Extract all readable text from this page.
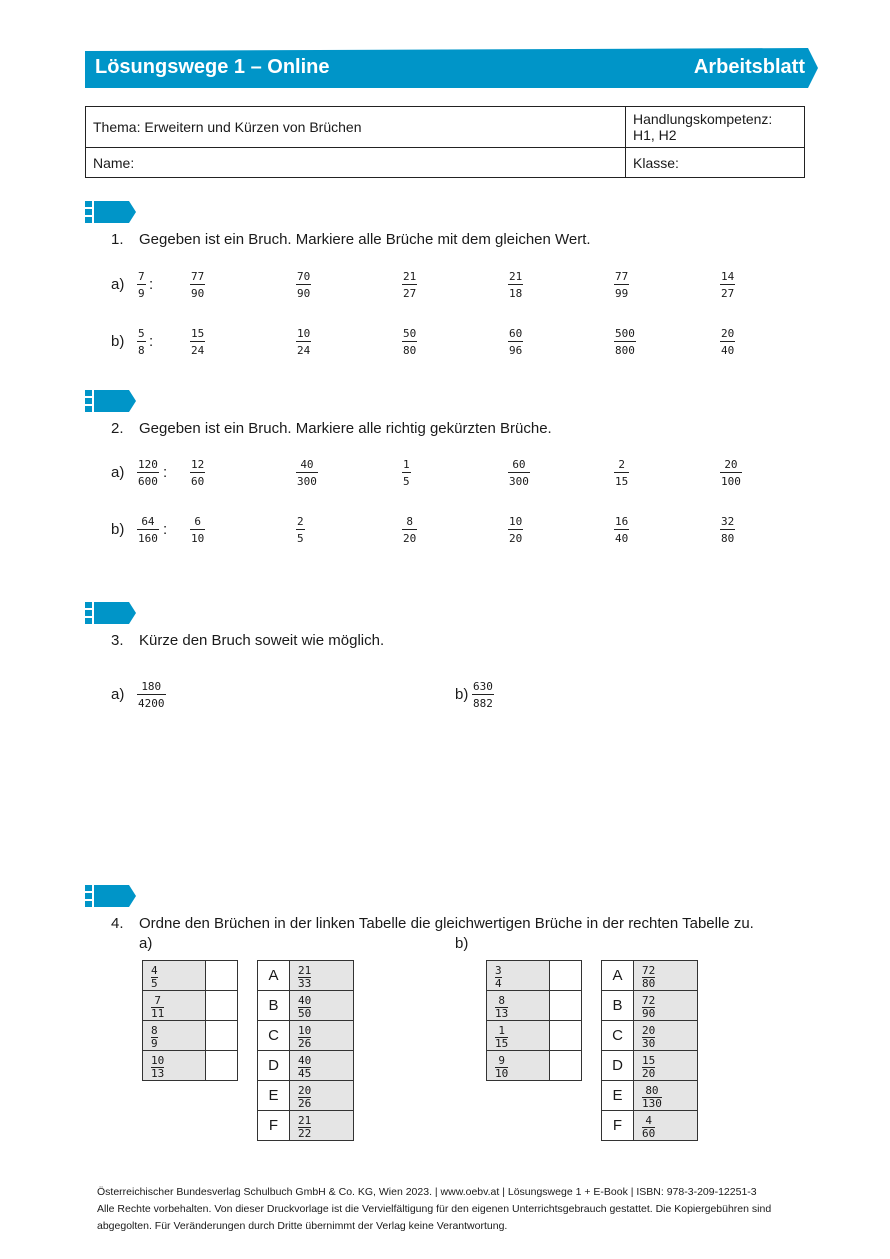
Lösungswege 1 – Online	Arbeitsblatt
Thema: Erweitern und Kürzen von Brüchen	Handlungskompetenz: H1, H2
Name:	Klasse:
1. Gegeben ist ein Bruch. Markiere alle Brüche mit dem gleichen Wert.
$a) \frac{7}{9}$ :	$\frac{77}{90}$	$\frac{70}{90}$	$\frac{21}{27}$	$\frac{21}{18}$	$\frac{77}{99}$	$\frac{14}{27}$
$b) \frac{5}{8}$ :	$\frac{15}{24}$	$\frac{10}{24}$	$\frac{50}{80}$	$\frac{60}{96}$	$\frac{500}{800}$	$\frac{20}{40}$
2. Gegeben ist ein Bruch. Markiere alle richtig gekürzten Brüche.
$a) \frac{120}{600}$ : $\frac{12}{60}$	$\frac{40}{300}$	$\frac{1}{5}$	$\frac{60}{300}$	$\frac{2}{15}$	$\frac{20}{100}$
$b) \frac{64}{160}$ : $\frac{6}{10}$	$\frac{2}{5}$	$\frac{8}{20}$	$\frac{10}{20}$	$\frac{16}{40}$	$\frac{32}{80}$
3. Kürze den Bruch soweit wie möglich.
$a) \frac{180}{4200}$	$b) \frac{630}{882}$
4. Ordne den Brüchen in der linken Tabelle die gleichwertigen Brüche in der rechten Tabelle zu.
a)	b)
$\frac{4}{5}$

$\frac{7}{11}$

$\frac{8}{9}$

$\frac{10}{13}$

A	$\frac{21}{33}$

B	$\frac{40}{50}$

C	$\frac{10}{26}$

D	$\frac{40}{45}$

E	$\frac{20}{26}$

F	$\frac{21}{22}$
$\frac{3}{4}$

$\frac{8}{13}$

$\frac{1}{15}$

$\frac{9}{10}$

A	$\frac{72}{80}$

B	$\frac{72}{90}$

C	$\frac{20}{30}$

D	$\frac{15}{20}$

E	$\frac{80}{130}$

F	$\frac{4}{60}$
Österreichischer Bundesverlag Schulbuch GmbH & Co. KG, Wien 2023. | www.oebv.at | Lösungswege 1 + E-Book | ISBN: 978-3-209-12251-3
Alle Rechte vorbehalten. Von dieser Druckvorlage ist die Vervielfältigung für den eigenen Unterrichtsgebrauch gestattet. Die Kopiergebühren sind abgegolten. Für Veränderungen durch Dritte übernimmt der Verlag keine Verantwortung.
